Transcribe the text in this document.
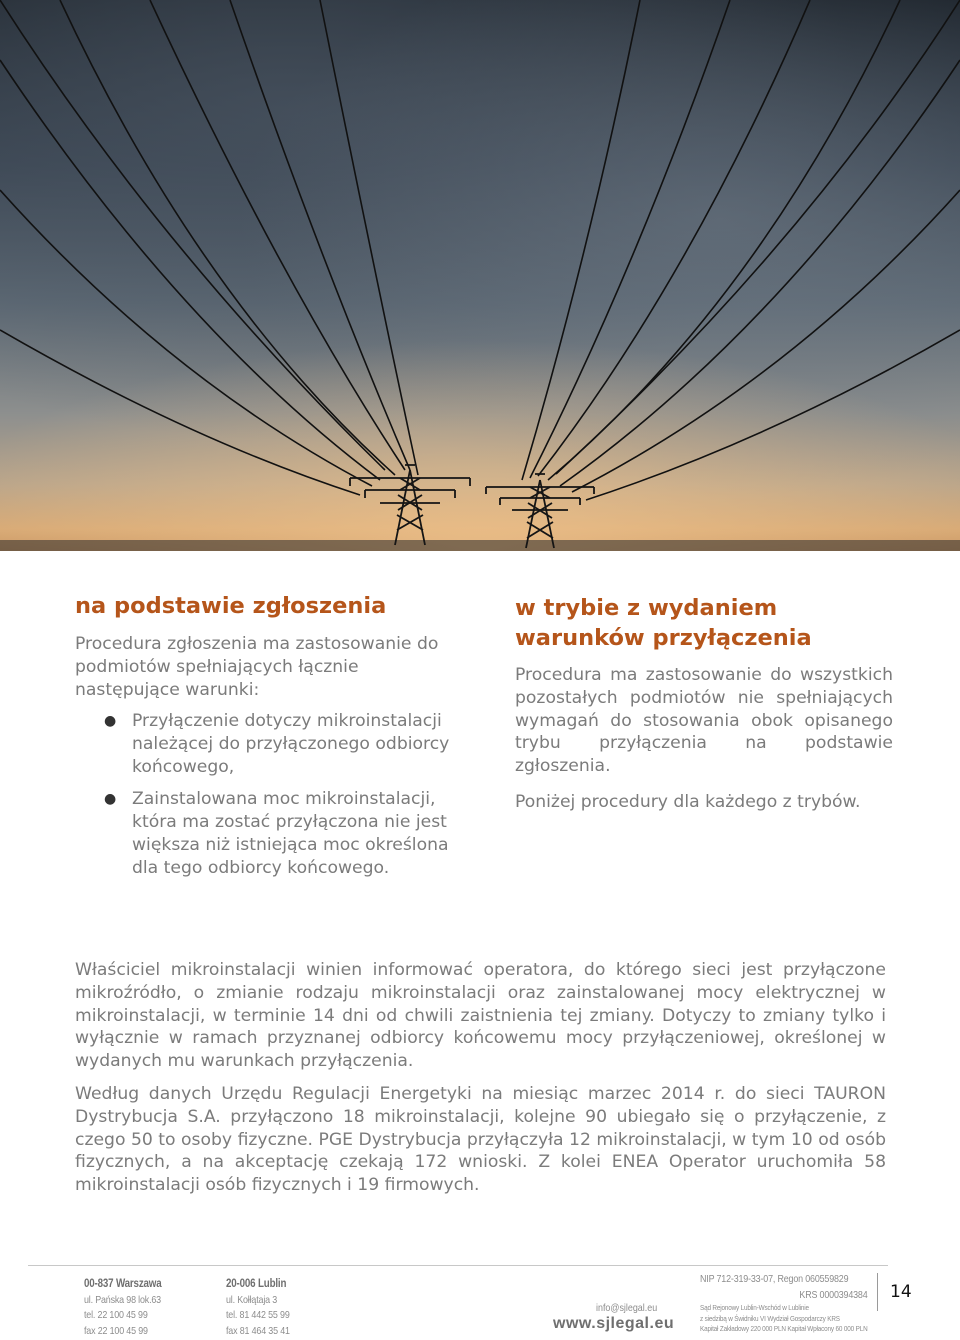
na podstawie zgłoszenia

Procedura zgłoszenia ma zastosowanie do podmiotów spełniających łącznie następujące warunki:

● Przyłączenie dotyczy mikroinstalacji należącej do przyłączonego odbiorcy końcowego,
● Zainstalowana moc mikroinstalacji, która ma zostać przyłączona nie jest większa niż istniejąca moc określona dla tego odbiorcy końcowego.
w trybie z wydaniem warunków przyłączenia

Procedura ma zastosowanie do wszystkich pozostałych podmiotów nie spełniających wymagań do stosowania obok opisanego trybu przyłączenia na podstawie zgłoszenia.

Poniżej procedury dla każdego z trybów.

Właściciel mikroinstalacji winien informować operatora, do którego sieci jest przyłączone mikroźródło, o zmianie rodzaju mikroinstalacji oraz zainstalowanej mocy elektrycznej w mikroinstalacji, w terminie 14 dni od chwili zaistnienia tej zmiany. Dotyczy to zmiany tylko i wyłącznie w ramach przyznanej odbiorcy końcowemu mocy przyłączeniowej, określonej w wydanych mu warunkach przyłączenia.

Według danych Urzędu Regulacji Energetyki na miesiąc marzec 2014 r. do sieci TAURON Dystrybucja S.A. przyłączono 18 mikroinstalacji, kolejne 90 ubiegało się o przyłączenie, z czego 50 to osoby fizyczne. PGE Dystrybucja przyłączyła 12 mikroinstalacji, w tym 10 od osób fizycznych, a na akceptację czekają 172 wnioski. Z kolei ENEA Operator uruchomiła 58 mikroinstalacji osób fizycznych i 19 firmowych.

00-837 Warszawa
ul. Pańska 98 lok.63
tel. 22 100 45 99
fax 22 100 45 99
20-006 Lublin
ul. Kołłątaja 3
tel. 81 442 55 99
fax 81 464 35 41
info@sjlegal.eu
www.sjlegal.eu
NIP 712-319-33-07, Regon 060559829
KRS 0000394384
Sąd Rejonowy Lublin-Wschód w Lublinie
z siedzibą w Świdniku VI Wydział Gospodarczy KRS
Kapitał Zakładowy 220 000 PLN Kapitał Wpłacony 60 000 PLN
14
